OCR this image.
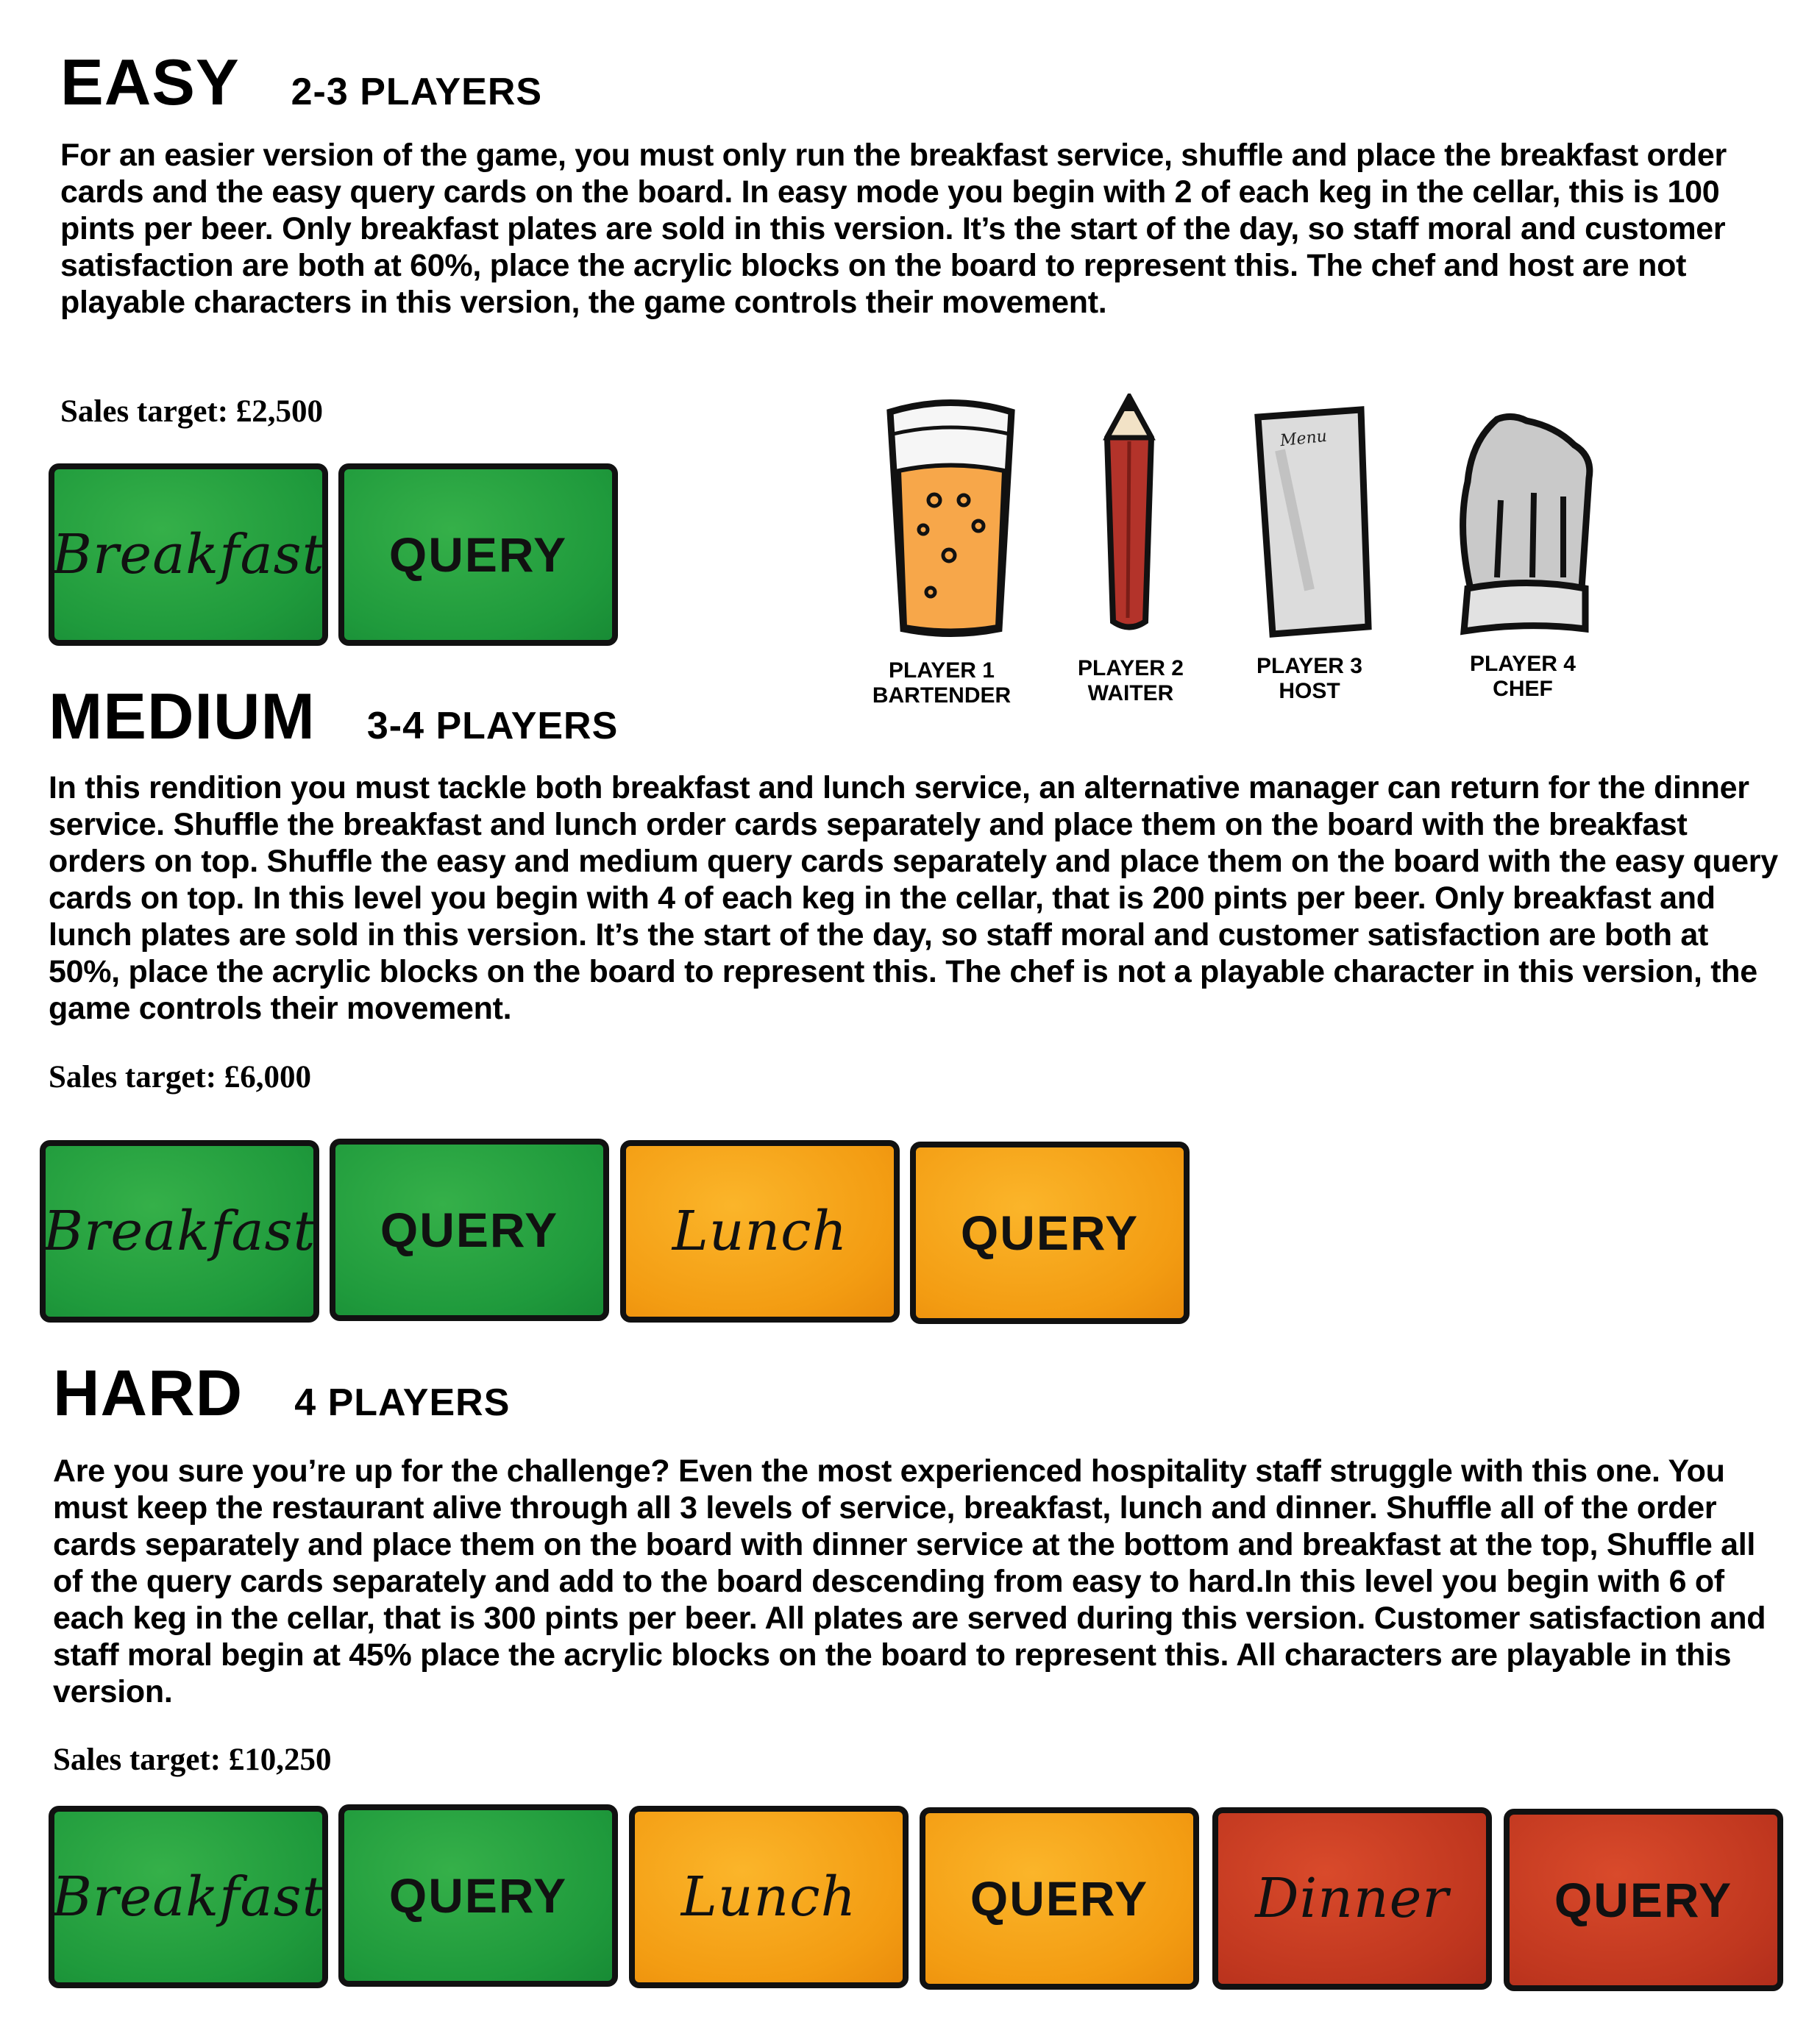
EASY 2-3 PLAYERS

For an easier version of the game, you must only run the breakfast service, shuffle and place the breakfast order cards and the easy query cards on the board. In easy mode you begin with 2 of each keg in the cellar, this is 100 pints per beer. Only breakfast plates are sold in this version. It’s the start of the day, so staff moral and customer satisfaction are both at 60%, place the acrylic blocks on the board to represent this. The chef and host are not playable characters in this version, the game controls their movement.

Sales target: £2,500

Breakfast QUERY
Menu
PLAYER 1
BARTENDER
PLAYER 2
WAITER
PLAYER 3
HOST
PLAYER 4
CHEF
MEDIUM 3-4 PLAYERS

In this rendition you must tackle both breakfast and lunch service, an alternative manager can return for the dinner service. Shuffle the breakfast and lunch order cards separately and place them on the board with the breakfast orders on top. Shuffle the easy and medium query cards separately and place them on the board with the easy query cards on top. In this level you begin with 4 of each keg in the cellar, that is 200 pints per beer. Only breakfast and lunch plates are sold in this version. It’s the start of the day, so staff moral and customer satisfaction are both at 50%, place the acrylic blocks on the board to represent this. The chef is not a playable character in this version, the game controls their movement.

Sales target: £6,000

Breakfast QUERY Lunch QUERY
HARD 4 PLAYERS

Are you sure you’re up for the challenge? Even the most experienced hospitality staff struggle with this one. You must keep the restaurant alive through all 3 levels of service, breakfast, lunch and dinner. Shuffle all of the order cards separately and place them on the board with dinner service at the bottom and breakfast at the top, Shuffle all of the query cards separately and add to the board descending from easy to hard.In this level you begin with 6 of each keg in the cellar, that is 300 pints per beer. All plates are served during this version. Customer satisfaction and staff moral begin at 45% place the acrylic blocks on the board to represent this. All characters are playable in this version.

Sales target: £10,250

Breakfast QUERY Lunch QUERY Dinner QUERY
